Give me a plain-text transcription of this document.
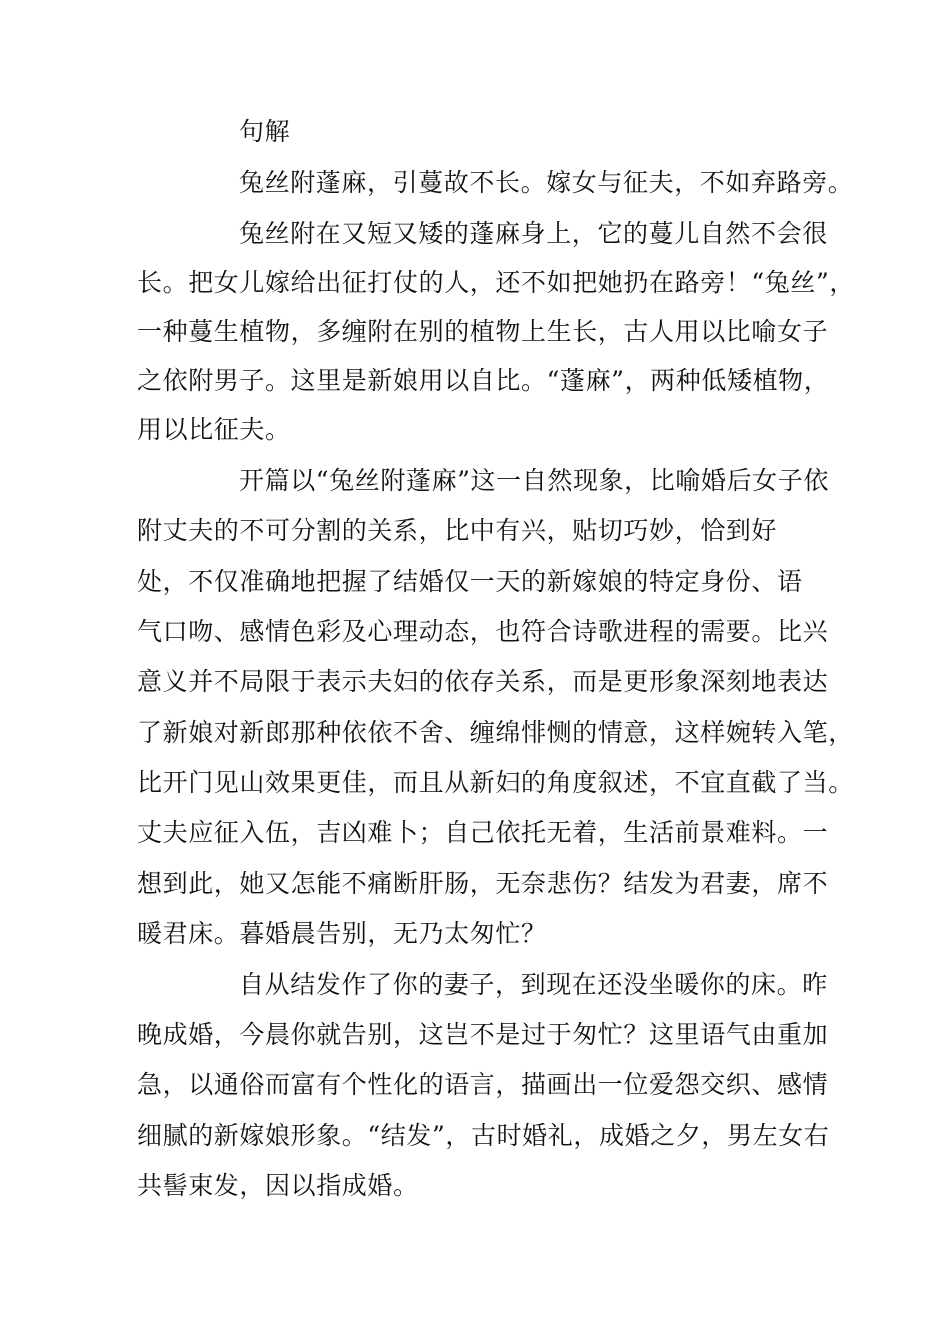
句解
兔丝附蓬麻，引蔓故不长。嫁女与征夫，不如弃路旁。
兔丝附在又短又矮的蓬麻身上，它的蔓儿自然不会很
长。把女儿嫁给出征打仗的人，还不如把她扔在路旁！“兔丝”，
一种蔓生植物，多缠附在别的植物上生长，古人用以比喻女子
之依附男子。这里是新娘用以自比。“蓬麻”，两种低矮植物，
用以比征夫。
开篇以“兔丝附蓬麻”这一自然现象，比喻婚后女子依
附丈夫的不可分割的关系，比中有兴，贴切巧妙，恰到好
处，不仅准确地把握了结婚仅一天的新嫁娘的特定身份、语
气口吻、感情色彩及心理动态，也符合诗歌进程的需要。比兴
意义并不局限于表示夫妇的依存关系，而是更形象深刻地表达
了新娘对新郎那种依依不舍、缠绵悱恻的情意，这样婉转入笔，
比开门见山效果更佳，而且从新妇的角度叙述，不宜直截了当。
丈夫应征入伍，吉凶难卜；自己依托无着，生活前景难料。一
想到此，她又怎能不痛断肝肠，无奈悲伤？结发为君妻，席不
暖君床。暮婚晨告别，无乃太匆忙？
自从结发作了你的妻子，到现在还没坐暖你的床。昨
晚成婚，今晨你就告别，这岂不是过于匆忙？这里语气由重加
急，以通俗而富有个性化的语言，描画出一位爱怨交织、感情
细腻的新嫁娘形象。“结发”，古时婚礼，成婚之夕，男左女右
共髻束发，因以指成婚。
